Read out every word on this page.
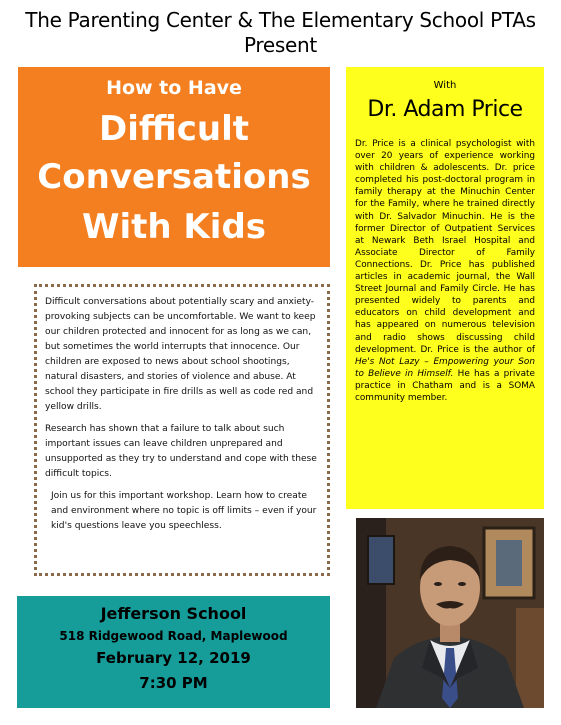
The Parenting Center & The Elementary School PTAs
Present
How to Have
Difficult
Conversations
With Kids
With
Dr. Adam Price
Dr. Price is a clinical psychologist with over 20 years of experience working with children & adolescents. Dr. price completed his post-doctoral program in family therapy at the Minuchin Center for the Family, where he trained directly with Dr. Salvador Minuchin. He is the former Director of Outpatient Services at Newark Beth Israel Hospital and Associate Director of Family Connections. Dr. Price has published articles in academic journal, the Wall Street Journal and Family Circle. He has presented widely to parents and educators on child development and has appeared on numerous television and radio shows discussing child development. Dr. Price is the author of He's Not Lazy – Empowering your Son to Believe in Himself. He has a private practice in Chatham and is a SOMA community member.

Difficult conversations about potentially scary and anxiety-provoking subjects can be uncomfortable. We want to keep our children protected and innocent for as long as we can, but sometimes the world interrupts that innocence. Our children are exposed to news about school shootings, natural disasters, and stories of violence and abuse. At school they participate in fire drills as well as code red and yellow drills.

Research has shown that a failure to talk about such important issues can leave children unprepared and unsupported as they try to understand and cope with these difficult topics.

Join us for this important workshop. Learn how to create and environment where no topic is off limits – even if your kid's questions leave you speechless.

Jefferson School
518 Ridgewood Road, Maplewood
February 12, 2019
7:30 PM
